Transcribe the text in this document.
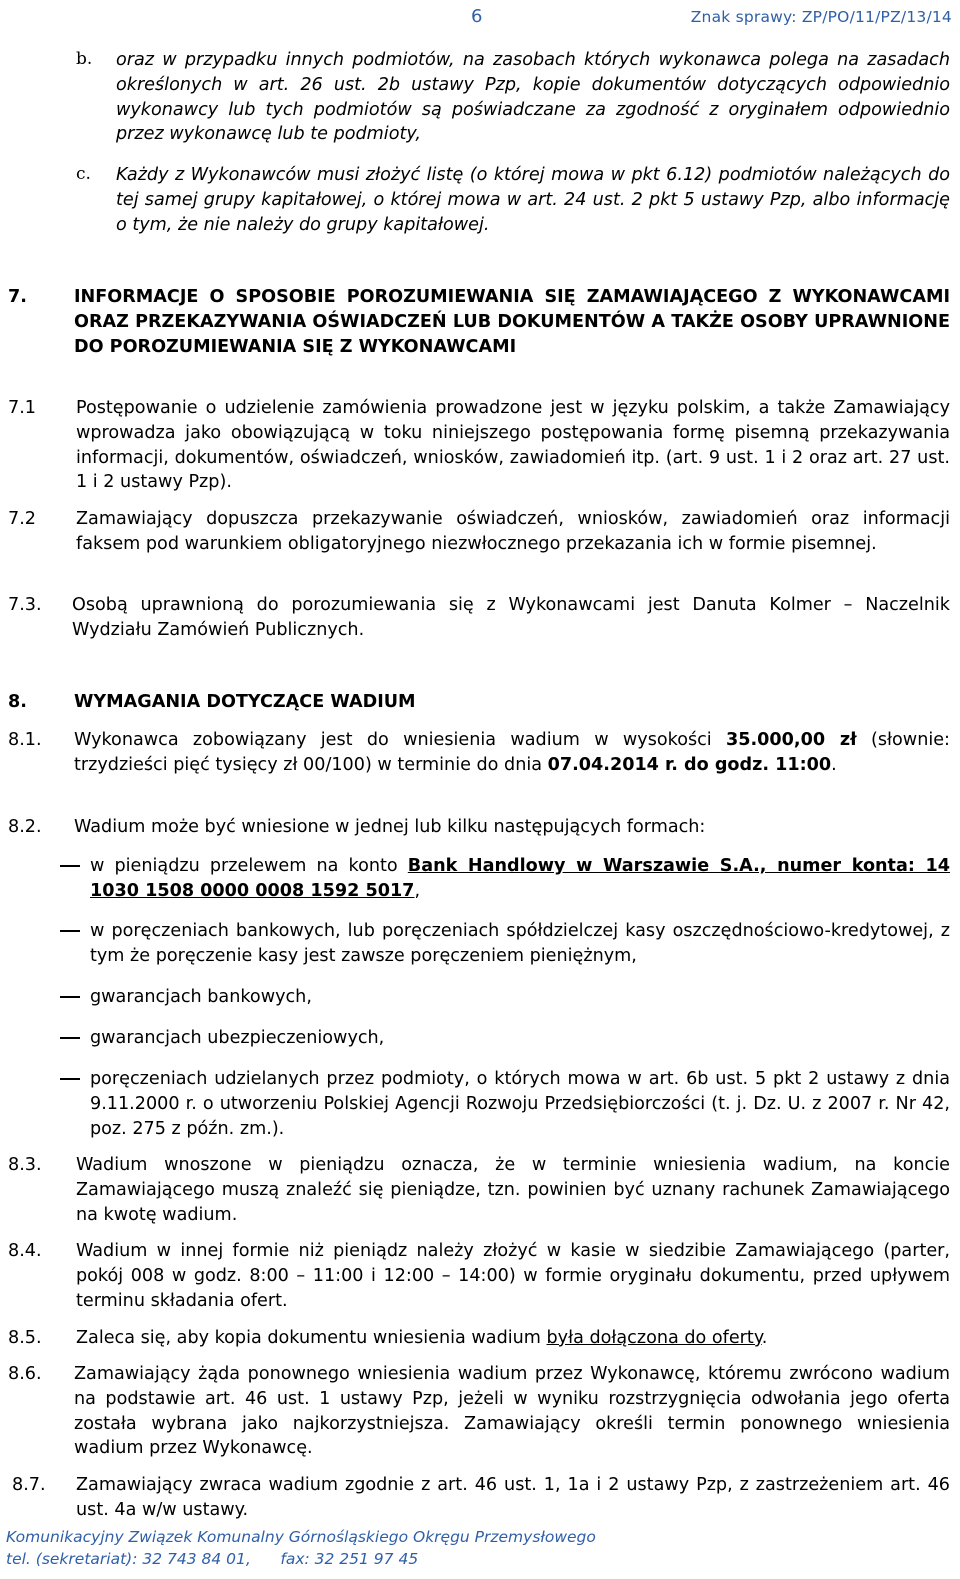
6	Znak sprawy: ZP/PO/11/PZ/13/14
b. oraz w przypadku innych podmiotów, na zasobach których wykonawca polega na zasadach określonych w art. 26 ust. 2b ustawy Pzp, kopie dokumentów dotyczących odpowiednio wykonawcy lub tych podmiotów są poświadczane za zgodność z oryginałem odpowiednio przez wykonawcę lub te podmioty,
c. Każdy z Wykonawców musi złożyć listę (o której mowa w pkt 6.12) podmiotów należących do tej samej grupy kapitałowej, o której mowa w art. 24 ust. 2 pkt 5 ustawy Pzp, albo informację o tym, że nie należy do grupy kapitałowej.
7.	INFORMACJE O SPOSOBIE POROZUMIEWANIA SIĘ ZAMAWIAJĄCEGO Z WYKONAWCAMI ORAZ PRZEKAZYWANIA OŚWIADCZEŃ LUB DOKUMENTÓW A TAKŻE OSOBY UPRAWNIONE DO POROZUMIEWANIA SIĘ Z WYKONAWCAMI
7.1 Postępowanie o udzielenie zamówienia prowadzone jest w języku polskim, a także Zamawiający wprowadza jako obowiązującą w toku niniejszego postępowania formę pisemną przekazywania informacji, dokumentów, oświadczeń, wniosków, zawiadomień itp. (art. 9 ust. 1 i 2 oraz art. 27 ust. 1 i 2 ustawy Pzp).
7.2 Zamawiający dopuszcza przekazywanie oświadczeń, wniosków, zawiadomień oraz informacji faksem pod warunkiem obligatoryjnego niezwłocznego przekazania ich w formie pisemnej.
7.3. Osobą uprawnioną do porozumiewania się z Wykonawcami jest Danuta Kolmer – Naczelnik Wydziału Zamówień Publicznych.
8.	WYMAGANIA DOTYCZĄCE WADIUM
8.1. Wykonawca zobowiązany jest do wniesienia wadium w wysokości 35.000,00 zł (słownie: trzydzieści pięć tysięcy zł 00/100) w terminie do dnia 07.04.2014 r. do godz. 11:00.
8.2. Wadium może być wniesione w jednej lub kilku następujących formach:
w pieniądzu przelewem na konto Bank Handlowy w Warszawie S.A., numer konta: 14 1030 1508 0000 0008 1592 5017,
w poręczeniach bankowych, lub poręczeniach spółdzielczej kasy oszczędnościowo-kredytowej, z tym że poręczenie kasy jest zawsze poręczeniem pieniężnym,
gwarancjach bankowych,
gwarancjach ubezpieczeniowych,
poręczeniach udzielanych przez podmioty, o których mowa w art. 6b ust. 5 pkt 2 ustawy z dnia 9.11.2000 r. o utworzeniu Polskiej Agencji Rozwoju Przedsiębiorczości (t. j. Dz. U. z 2007 r. Nr 42, poz. 275 z późn. zm.).
8.3. Wadium wnoszone w pieniądzu oznacza, że w terminie wniesienia wadium, na koncie Zamawiającego muszą znaleźć się pieniądze, tzn. powinien być uznany rachunek Zamawiającego na kwotę wadium.
8.4. Wadium w innej formie niż pieniądz należy złożyć w kasie w siedzibie Zamawiającego (parter, pokój 008 w godz. 8:00 – 11:00 i 12:00 – 14:00) w formie oryginału dokumentu, przed upływem terminu składania ofert.
8.5. Zaleca się, aby kopia dokumentu wniesienia wadium była dołączona do oferty.
8.6. Zamawiający żąda ponownego wniesienia wadium przez Wykonawcę, któremu zwrócono wadium na podstawie art. 46 ust. 1 ustawy Pzp, jeżeli w wyniku rozstrzygnięcia odwołania jego oferta została wybrana jako najkorzystniejsza. Zamawiający określi termin ponownego wniesienia wadium przez Wykonawcę.
8.7. Zamawiający zwraca wadium zgodnie z art. 46 ust. 1, 1a i 2 ustawy Pzp, z zastrzeżeniem art. 46 ust. 4a w/w ustawy.
Komunikacyjny Związek Komunalny Górnośląskiego Okręgu Przemysłowego
tel. (sekretariat): 32 743 84 01,      fax: 32 251 97 45
